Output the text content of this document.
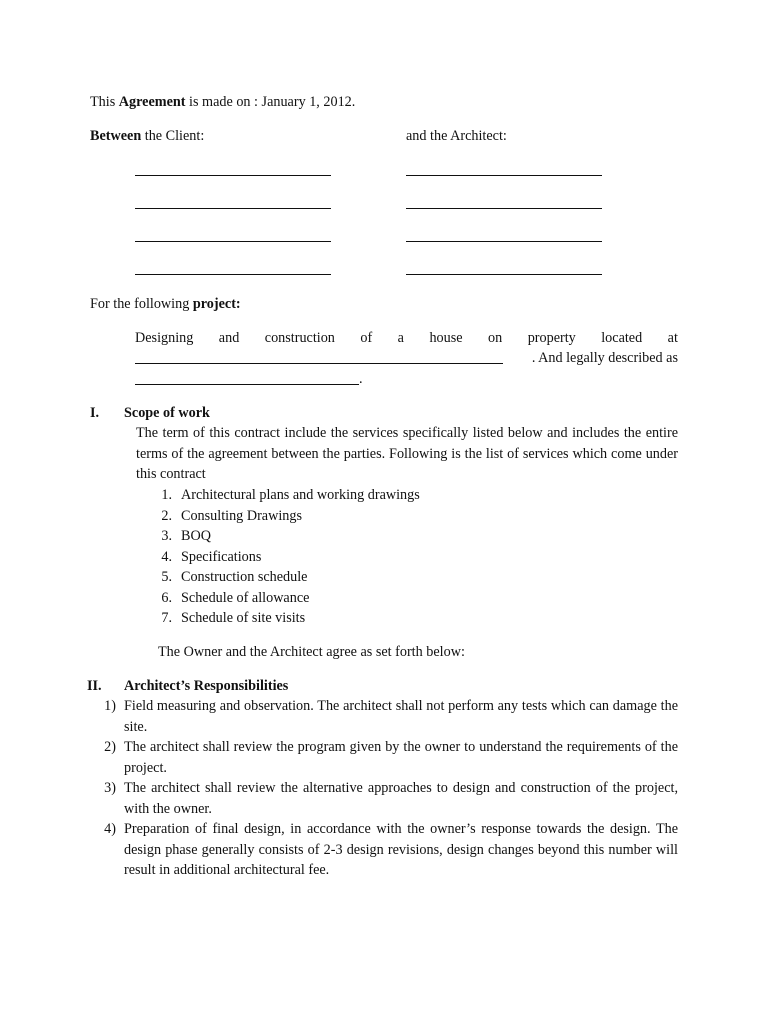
This Agreement is made on : January 1, 2012.
Between the Client:	and the Architect:
For the following project:
Designing and construction of a house on property located at
. And legally described as
.
I. Scope of work
The term of this contract include the services specifically listed below and includes the entire terms of the agreement between the parties. Following is the list of services which come under this contract
1. Architectural plans and working drawings
2. Consulting Drawings
3. BOQ
4. Specifications
5. Construction schedule
6. Schedule of allowance
7. Schedule of site visits
The Owner and the Architect agree as set forth below:
II. Architect’s Responsibilities
1) Field measuring and observation. The architect shall not perform any tests which can damage the site.
2) The architect shall review the program given by the owner to understand the requirements of the project.
3) The architect shall review the alternative approaches to design and construction of the project, with the owner.
4) Preparation of final design, in accordance with the owner’s response towards the design. The design phase generally consists of 2-3 design revisions, design changes beyond this number will result in additional architectural fee.
